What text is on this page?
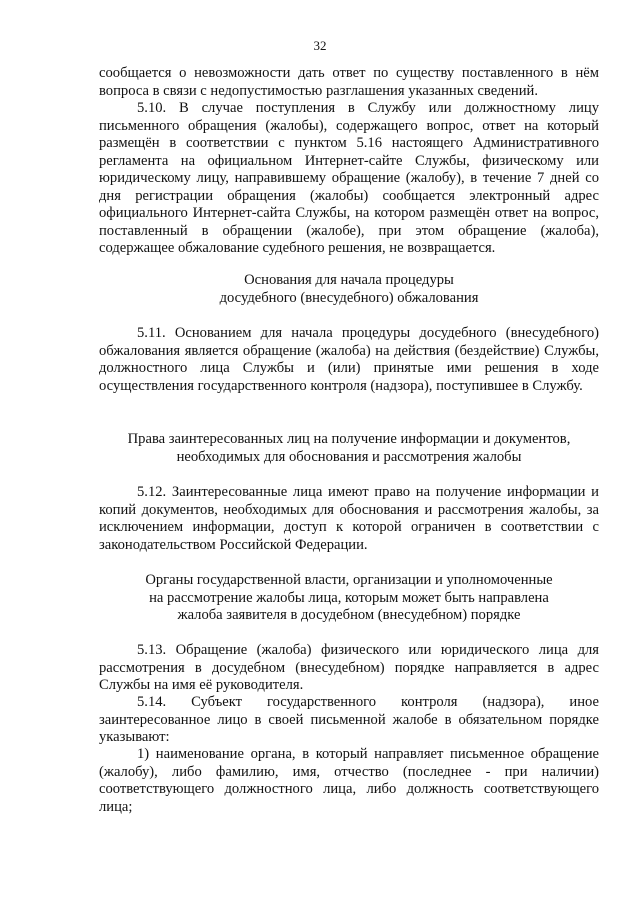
32

сообщается о невозможности дать ответ по существу поставленного в нём вопроса в связи с недопустимостью разглашения указанных сведений.

5.10. В случае поступления в Службу или должностному лицу письменного обращения (жалобы), содержащего вопрос, ответ на который размещён в соответствии с пунктом 5.16 настоящего Административного регламента на официальном Интернет-сайте Службы, физическому или юридическому лицу, направившему обращение (жалобу), в течение 7 дней со дня регистрации обращения (жалобы) сообщается электронный адрес официального Интернет-сайта Службы, на котором размещён ответ на вопрос, поставленный в обращении (жалобе), при этом обращение (жалоба), содержащее обжалование судебного решения, не возвращается.

Основания для начала процедуры
досудебного (внесудебного) обжалования

5.11. Основанием для начала процедуры досудебного (внесудебного) обжалования является обращение (жалоба) на действия (бездействие) Службы, должностного лица Службы и (или) принятые ими решения в ходе осуществления государственного контроля (надзора), поступившее в Службу.

Права заинтересованных лиц на получение информации и документов,
необходимых для обоснования и рассмотрения жалобы

5.12. Заинтересованные лица имеют право на получение информации и копий документов, необходимых для обоснования и рассмотрения жалобы, за исключением информации, доступ к которой ограничен в соответствии с законодательством Российской Федерации.

Органы государственной власти, организации и уполномоченные
на рассмотрение жалобы лица, которым может быть направлена
жалоба заявителя в досудебном (внесудебном) порядке

5.13. Обращение (жалоба) физического или юридического лица для рассмотрения в досудебном (внесудебном) порядке направляется в адрес Службы на имя её руководителя.

5.14. Субъект государственного контроля (надзора), иное заинтересованное лицо в своей письменной жалобе в обязательном порядке указывают:

1) наименование органа, в который направляет письменное обращение (жалобу), либо фамилию, имя, отчество (последнее - при наличии) соответствующего должностного лица, либо должность соответствующего лица;
